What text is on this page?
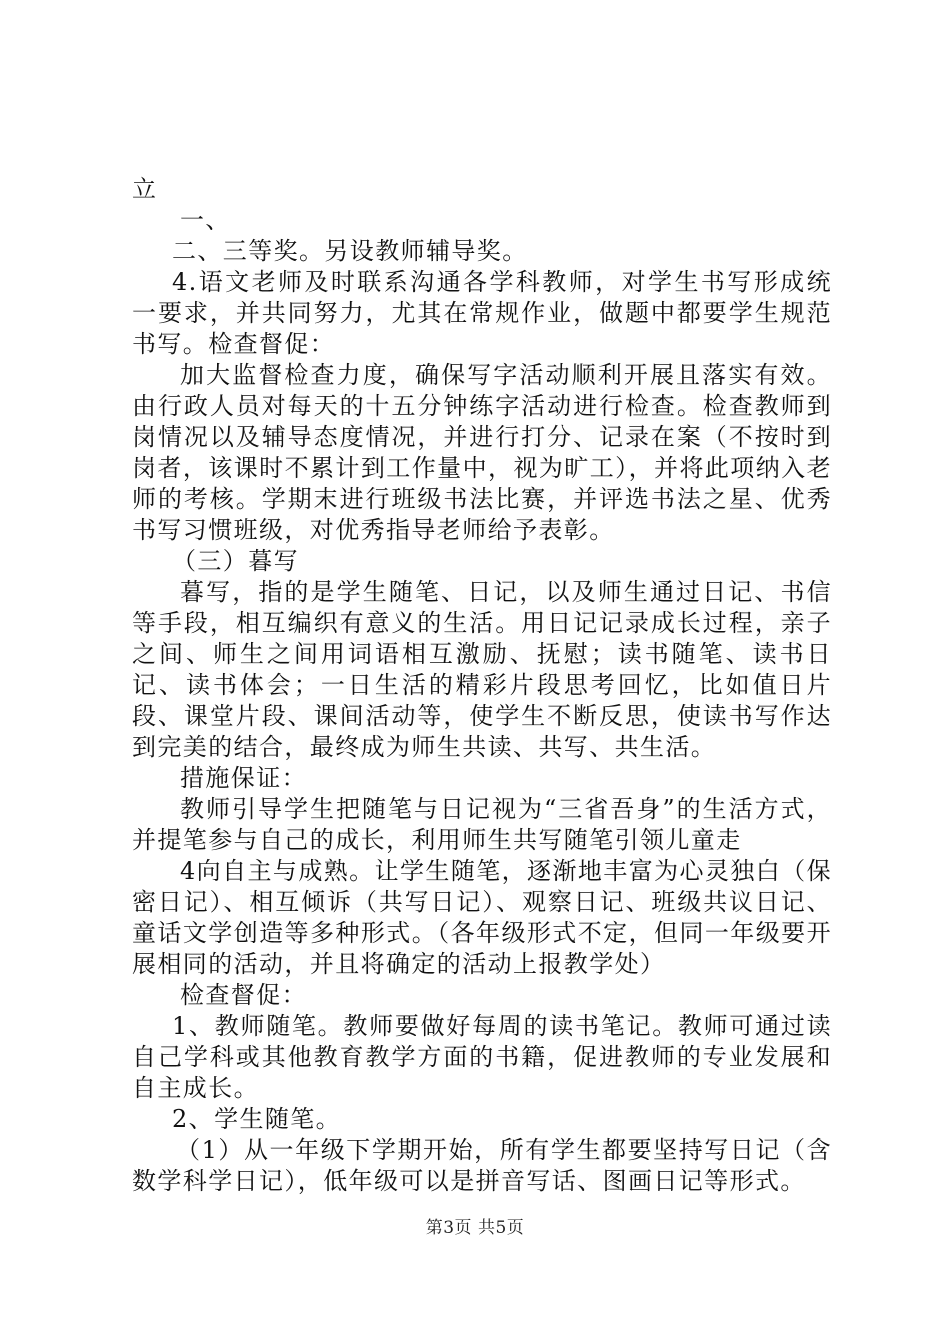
立

一、

二、三等奖。另设教师辅导奖。

4.语文老师及时联系沟通各学科教师，对学生书写形成统一要求，并共同努力，尤其在常规作业，做题中都要学生规范书写。检查督促：

加大监督检查力度，确保写字活动顺利开展且落实有效。由行政人员对每天的十五分钟练字活动进行检查。检查教师到岗情况以及辅导态度情况，并进行打分、记录在案（不按时到岗者，该课时不累计到工作量中，视为旷工），并将此项纳入老师的考核。学期末进行班级书法比赛，并评选书法之星、优秀书写习惯班级，对优秀指导老师给予表彰。

（三）暮写

暮写，指的是学生随笔、日记，以及师生通过日记、书信等手段，相互编织有意义的生活。用日记记录成长过程，亲子之间、师生之间用词语相互激励、抚慰；读书随笔、读书日记、读书体会；一日生活的精彩片段思考回忆，比如值日片段、课堂片段、课间活动等，使学生不断反思，使读书写作达到完美的结合，最终成为师生共读、共写、共生活。

措施保证：

教师引导学生把随笔与日记视为“三省吾身”的生活方式，并提笔参与自己的成长，利用师生共写随笔引领儿童走

4向自主与成熟。让学生随笔，逐渐地丰富为心灵独白（保密日记）、相互倾诉（共写日记）、观察日记、班级共议日记、童话文学创造等多种形式。（各年级形式不定，但同一年级要开展相同的活动，并且将确定的活动上报教学处）

检查督促：

1、教师随笔。教师要做好每周的读书笔记。教师可通过读自己学科或其他教育教学方面的书籍，促进教师的专业发展和自主成长。

2、学生随笔。

（1）从一年级下学期开始，所有学生都要坚持写日记（含数学科学日记），低年级可以是拼音写话、图画日记等形式。

第3页 共5页
